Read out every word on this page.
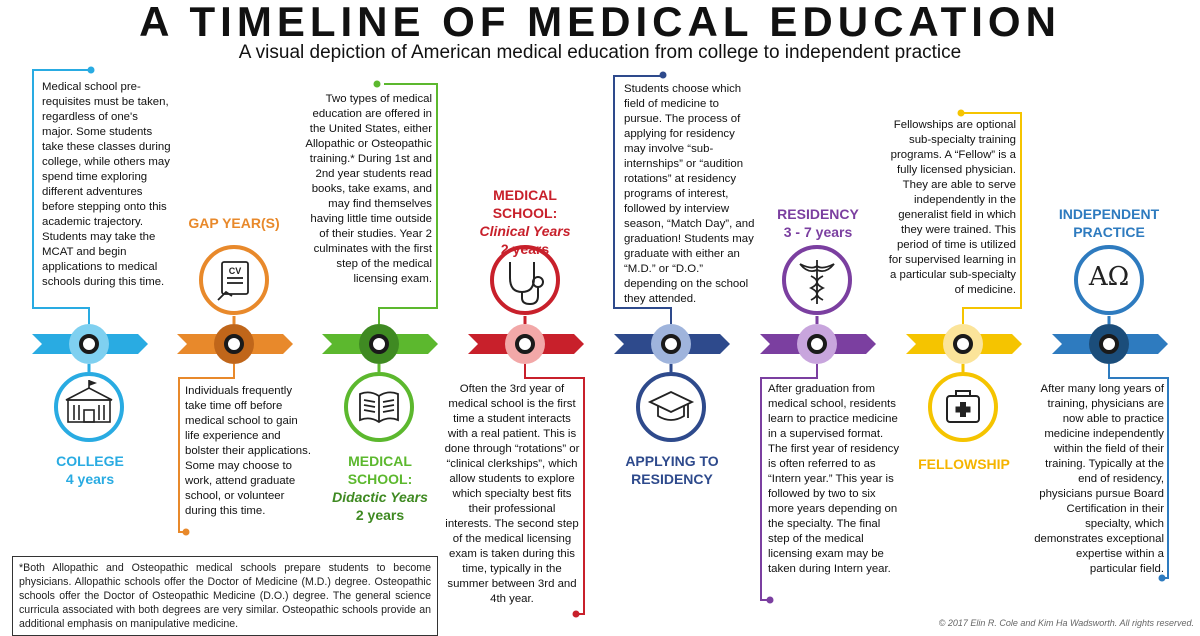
A TIMELINE OF MEDICAL EDUCATION
A visual depiction of American medical education from college to independent practice
CV	AΩ
COLLEGE
4 years
GAP YEAR(S)
MEDICAL SCHOOL:
Didactic Years
2 years
MEDICAL SCHOOL:
Clinical Years
2 years
APPLYING TO
RESIDENCY
RESIDENCY
3 - 7 years
FELLOWSHIP
INDEPENDENT
PRACTICE
Medical school pre-requisites must be taken, regardless of one's major. Some students take these classes during college, while others may spend time exploring different adventures before stepping onto this academic trajectory. Students may take the MCAT and begin applications to medical schools during this time.
Individuals frequently take time off before medical school to gain life experience and bolster their applications. Some may choose to work, attend graduate school, or volunteer during this time.
Two types of medical education are offered in the United States, either Allopathic or Osteopathic training.* During 1st and 2nd year students read books, take exams, and may find themselves having little time outside of their studies. Year 2 culminates with the first step of the medical licensing exam.
Often the 3rd year of medical school is the first time a student interacts with a real patient. This is done through “rotations” or “clinical clerkships”, which allow students to explore which specialty best fits their professional interests. The second step of the medical licensing exam is taken during this time, typically in the summer between 3rd and 4th year.
Students choose which field of medicine to pursue. The process of applying for residency may involve “sub-internships” or “audition rotations” at residency programs of interest, followed by interview season, “Match Day”, and graduation! Students may graduate with either an “M.D.” or “D.O.” depending on the school they attended.
After graduation from medical school, residents learn to practice medicine in a supervised format. The first year of residency is often referred to as “Intern year.” This year is followed by two to six more years depending on the specialty. The final step of the medical licensing exam may be taken during Intern year.
Fellowships are optional sub-specialty training programs. A “Fellow” is a fully licensed physician. They are able to serve independently in the generalist field in which they were trained. This period of time is utilized for supervised learning in a particular sub-specialty of medicine.
After many long years of training, physicians are now able to practice medicine independently within the field of their training. Typically at the end of residency, physicians pursue Board Certification in their specialty, which demonstrates exceptional expertise within a particular field.
*Both Allopathic and Osteopathic medical schools prepare students to become physicians. Allopathic schools offer the Doctor of Medicine (M.D.) degree. Osteopathic schools offer the Doctor of Osteopathic Medicine (D.O.) degree. The general science curricula associated with both degrees are very similar. Osteopathic schools provide an additional emphasis on manipulative medicine.	© 2017 Elin R. Cole and Kim Ha Wadsworth. All rights reserved.
